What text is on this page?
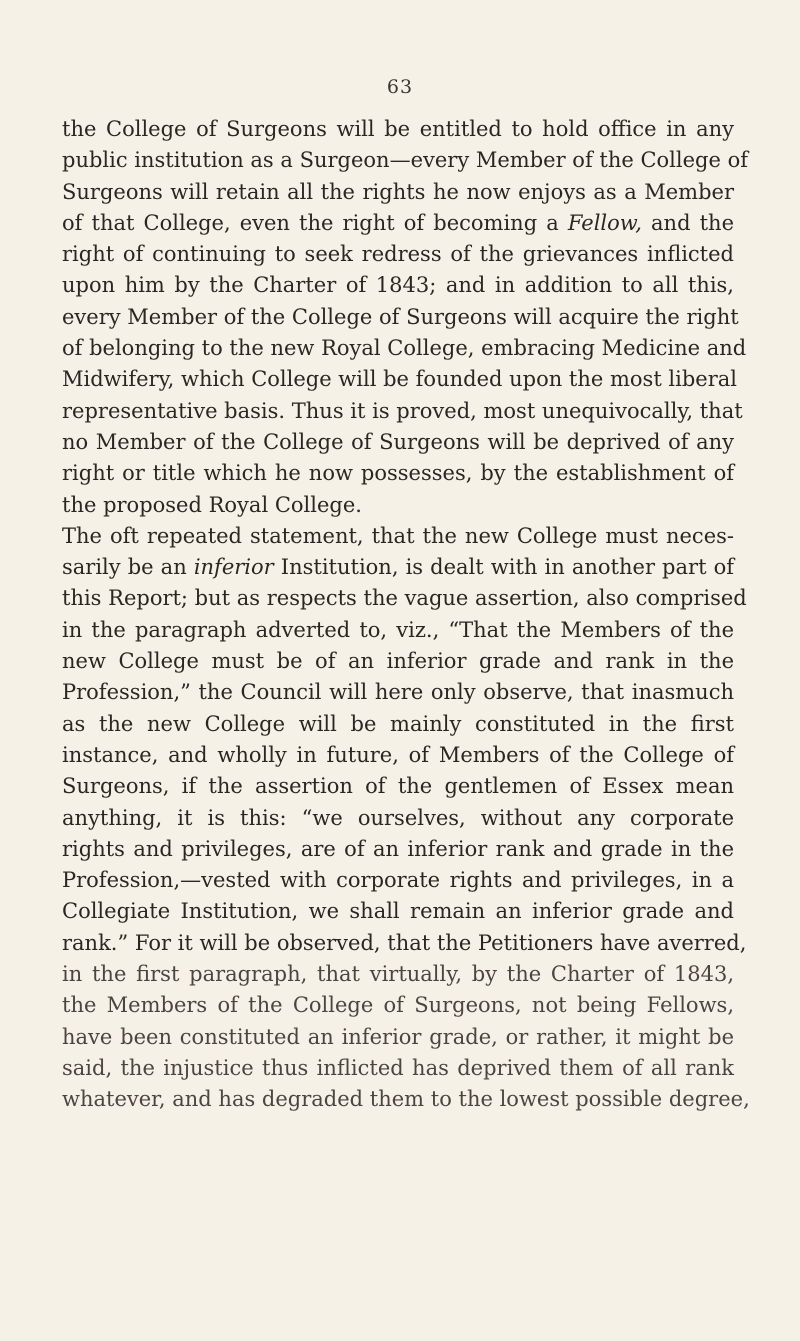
63
the College of Surgeons will be entitled to hold office in any
public institution as a Surgeon—every Member of the College of
Surgeons will retain all the rights he now enjoys as a Member
of that College, even the right of becoming a Fellow, and the
right of continuing to seek redress of the grievances inflicted
upon him by the Charter of 1843; and in addition to all this,
every Member of the College of Surgeons will acquire the right
of belonging to the new Royal College, embracing Medicine and
Midwifery, which College will be founded upon the most liberal
representative basis. Thus it is proved, most unequivocally, that
no Member of the College of Surgeons will be deprived of any
right or title which he now possesses, by the establishment of
the proposed Royal College.
The oft repeated statement, that the new College must neces-
sarily be an inferior Institution, is dealt with in another part of
this Report; but as respects the vague assertion, also comprised
in the paragraph adverted to, viz., “That the Members of the
new College must be of an inferior grade and rank in the
Profession,” the Council will here only observe, that inasmuch
as the new College will be mainly constituted in the first
instance, and wholly in future, of Members of the College of
Surgeons, if the assertion of the gentlemen of Essex mean
anything, it is this: “we ourselves, without any corporate
rights and privileges, are of an inferior rank and grade in the
Profession,—vested with corporate rights and privileges, in a
Collegiate Institution, we shall remain an inferior grade and
rank.” For it will be observed, that the Petitioners have averred,
in the first paragraph, that virtually, by the Charter of 1843,
the Members of the College of Surgeons, not being Fellows,
have been constituted an inferior grade, or rather, it might be
said, the injustice thus inflicted has deprived them of all rank
whatever, and has degraded them to the lowest possible degree,
